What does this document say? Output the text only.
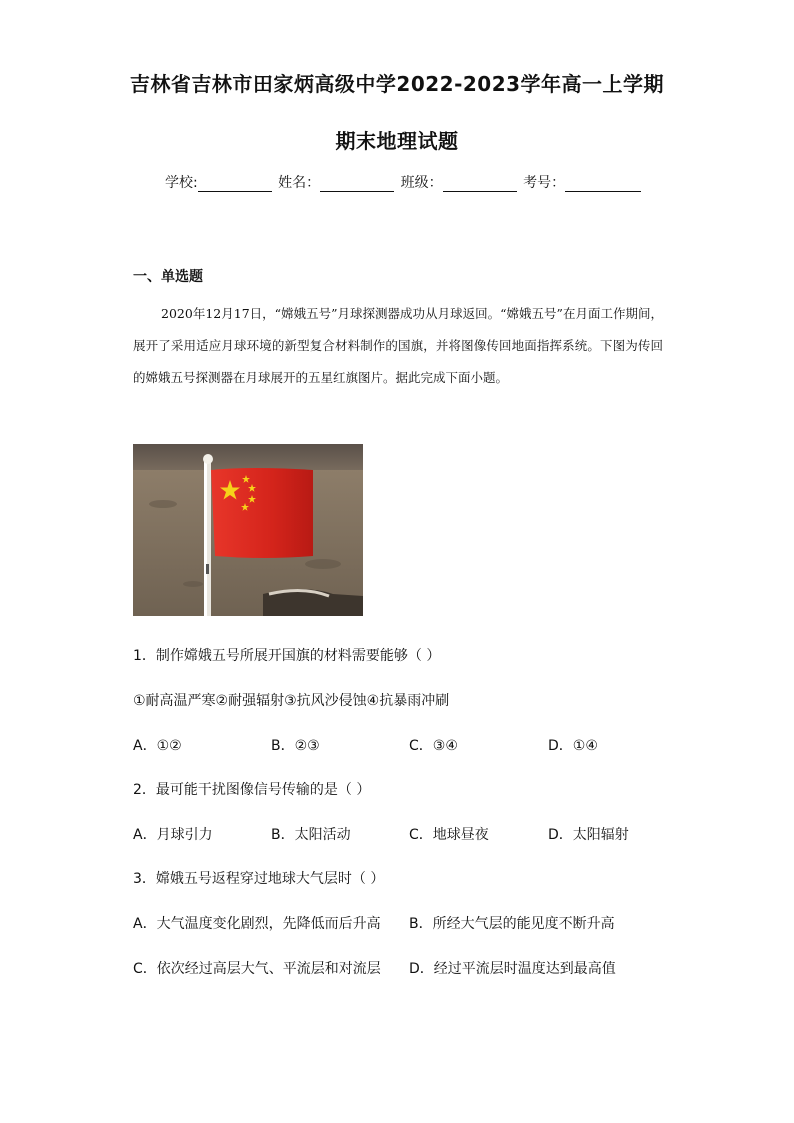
吉林省吉林市田家炳高级中学2022-2023学年高一上学期
期末地理试题
学校:	姓名：	班级：	考号：
一、单选题
2020年12月17日，“嫦娥五号”月球探测器成功从月球返回。“嫦娥五号”在月面工作期间，展开了采用适应月球环境的新型复合材料制作的国旗，并将图像传回地面指挥系统。下图为传回的嫦娥五号探测器在月球展开的五星红旗图片。据此完成下面小题。
1．制作嫦娥五号所展开国旗的材料需要能够（ ）
①耐高温严寒②耐强辐射③抗风沙侵蚀④抗暴雨冲刷
A．①②	B．②③	C．③④	D．①④
2．最可能干扰图像信号传输的是（ ）
A．月球引力	B．太阳活动	C．地球昼夜	D．太阳辐射
3．嫦娥五号返程穿过地球大气层时（ ）
A．大气温度变化剧烈，先降低而后升高 B．所经大气层的能见度不断升高
C．依次经过高层大气、平流层和对流层 D．经过平流层时温度达到最高值
